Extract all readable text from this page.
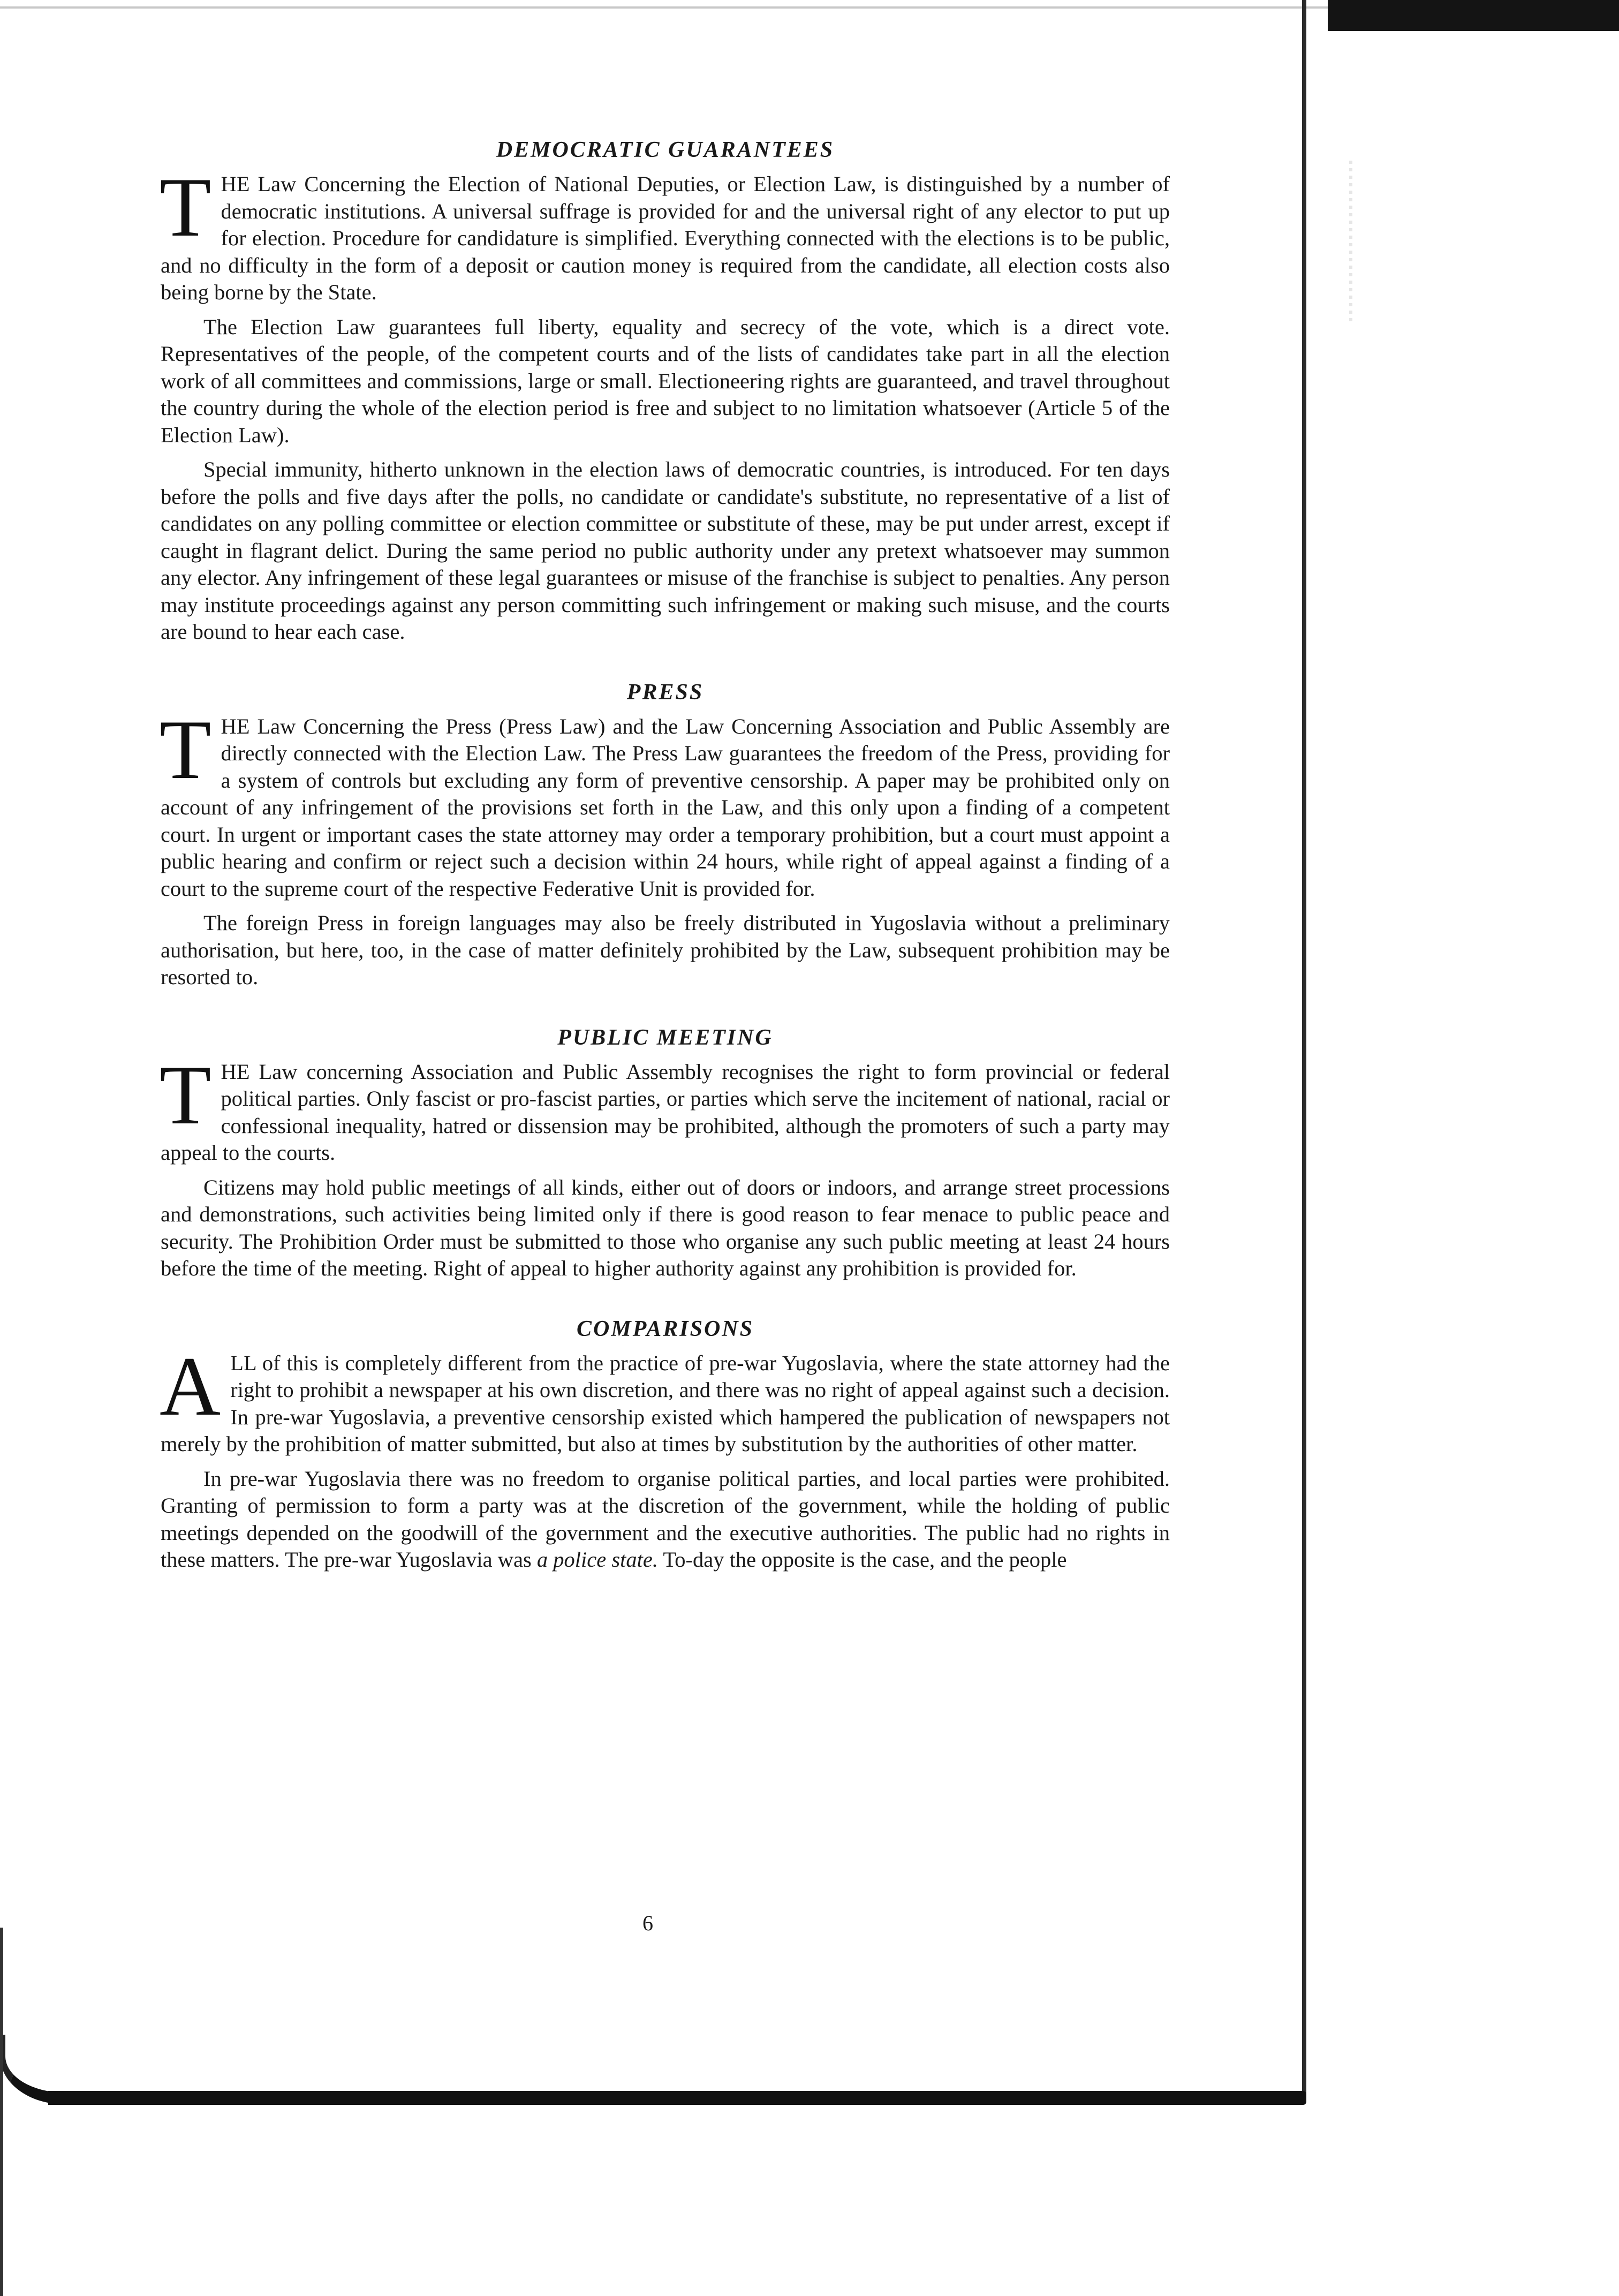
DEMOCRATIC GUARANTEES

THE Law Concerning the Election of National Deputies, or Election Law, is distinguished by a number of democratic institutions. A universal suffrage is provided for and the universal right of any elector to put up for election. Procedure for candidature is simplified. Everything connected with the elections is to be public, and no difficulty in the form of a deposit or caution money is required from the candidate, all election costs also being borne by the State.

The Election Law guarantees full liberty, equality and secrecy of the vote, which is a direct vote. Representatives of the people, of the competent courts and of the lists of candidates take part in all the election work of all committees and commissions, large or small. Electioneering rights are guaranteed, and travel throughout the country during the whole of the election period is free and subject to no limitation whatsoever (Article 5 of the Election Law).

Special immunity, hitherto unknown in the election laws of democratic countries, is introduced. For ten days before the polls and five days after the polls, no candidate or candidate's substitute, no representative of a list of candidates on any polling committee or election committee or substitute of these, may be put under arrest, except if caught in flagrant delict. During the same period no public authority under any pretext whatsoever may summon any elector. Any infringement of these legal guarantees or misuse of the franchise is subject to penalties. Any person may institute proceedings against any person committing such infringement or making such misuse, and the courts are bound to hear each case.

PRESS

THE Law Concerning the Press (Press Law) and the Law Concerning Association and Public Assembly are directly connected with the Election Law. The Press Law guarantees the freedom of the Press, providing for a system of controls but excluding any form of preventive censorship. A paper may be prohibited only on account of any infringement of the provisions set forth in the Law, and this only upon a finding of a competent court. In urgent or important cases the state attorney may order a temporary prohibition, but a court must appoint a public hearing and confirm or reject such a decision within 24 hours, while right of appeal against a finding of a court to the supreme court of the respective Federative Unit is provided for.

The foreign Press in foreign languages may also be freely distributed in Yugoslavia without a preliminary authorisation, but here, too, in the case of matter definitely prohibited by the Law, subsequent prohibition may be resorted to.

PUBLIC MEETING

THE Law concerning Association and Public Assembly recognises the right to form provincial or federal political parties. Only fascist or pro-fascist parties, or parties which serve the incitement of national, racial or confessional inequality, hatred or dissension may be prohibited, although the promoters of such a party may appeal to the courts.

Citizens may hold public meetings of all kinds, either out of doors or indoors, and arrange street processions and demonstrations, such activities being limited only if there is good reason to fear menace to public peace and security. The Prohibition Order must be submitted to those who organise any such public meeting at least 24 hours before the time of the meeting. Right of appeal to higher authority against any prohibition is provided for.

COMPARISONS

ALL of this is completely different from the practice of pre-war Yugoslavia, where the state attorney had the right to prohibit a newspaper at his own discretion, and there was no right of appeal against such a decision. In pre-war Yugoslavia, a preventive censorship existed which hampered the publication of newspapers not merely by the prohibition of matter submitted, but also at times by substitution by the authorities of other matter.

In pre-war Yugoslavia there was no freedom to organise political parties, and local parties were prohibited. Granting of permission to form a party was at the discretion of the government, while the holding of public meetings depended on the goodwill of the government and the executive authorities. The public had no rights in these matters. The pre-war Yugoslavia was a police state. To-day the opposite is the case, and the people

6
